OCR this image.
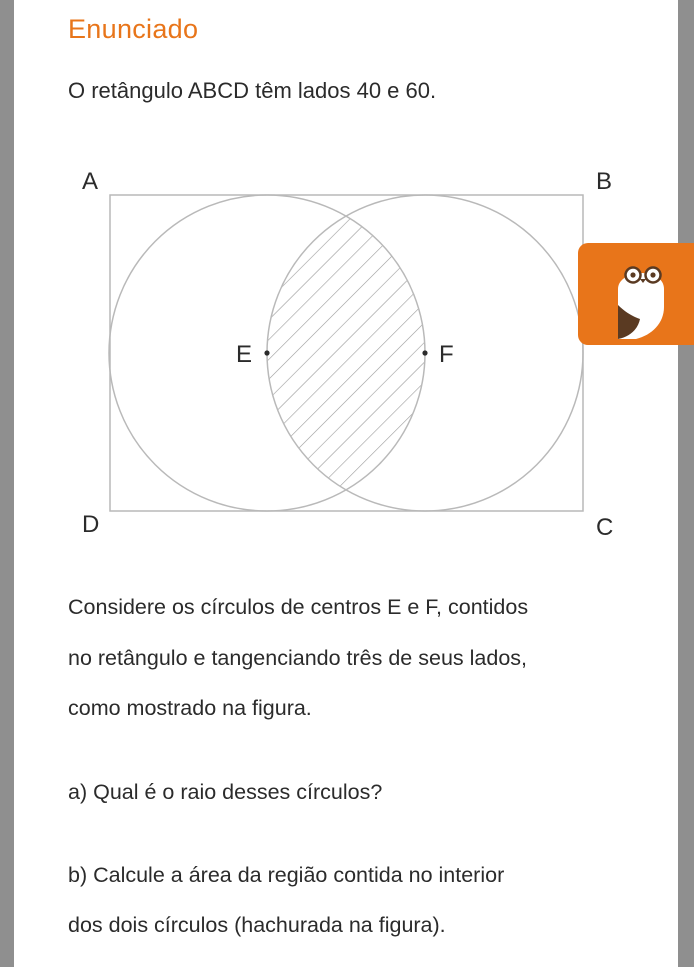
Enunciado
O retângulo ABCD têm lados 40 e 60.
A	B
D	C
E	F
Considere os círculos de centros E e F, contidos
no retângulo e tangenciando três de seus lados,
como mostrado na figura.
a) Qual é o raio desses círculos?
b) Calcule a área da região contida no interior
dos dois círculos (hachurada na figura).
